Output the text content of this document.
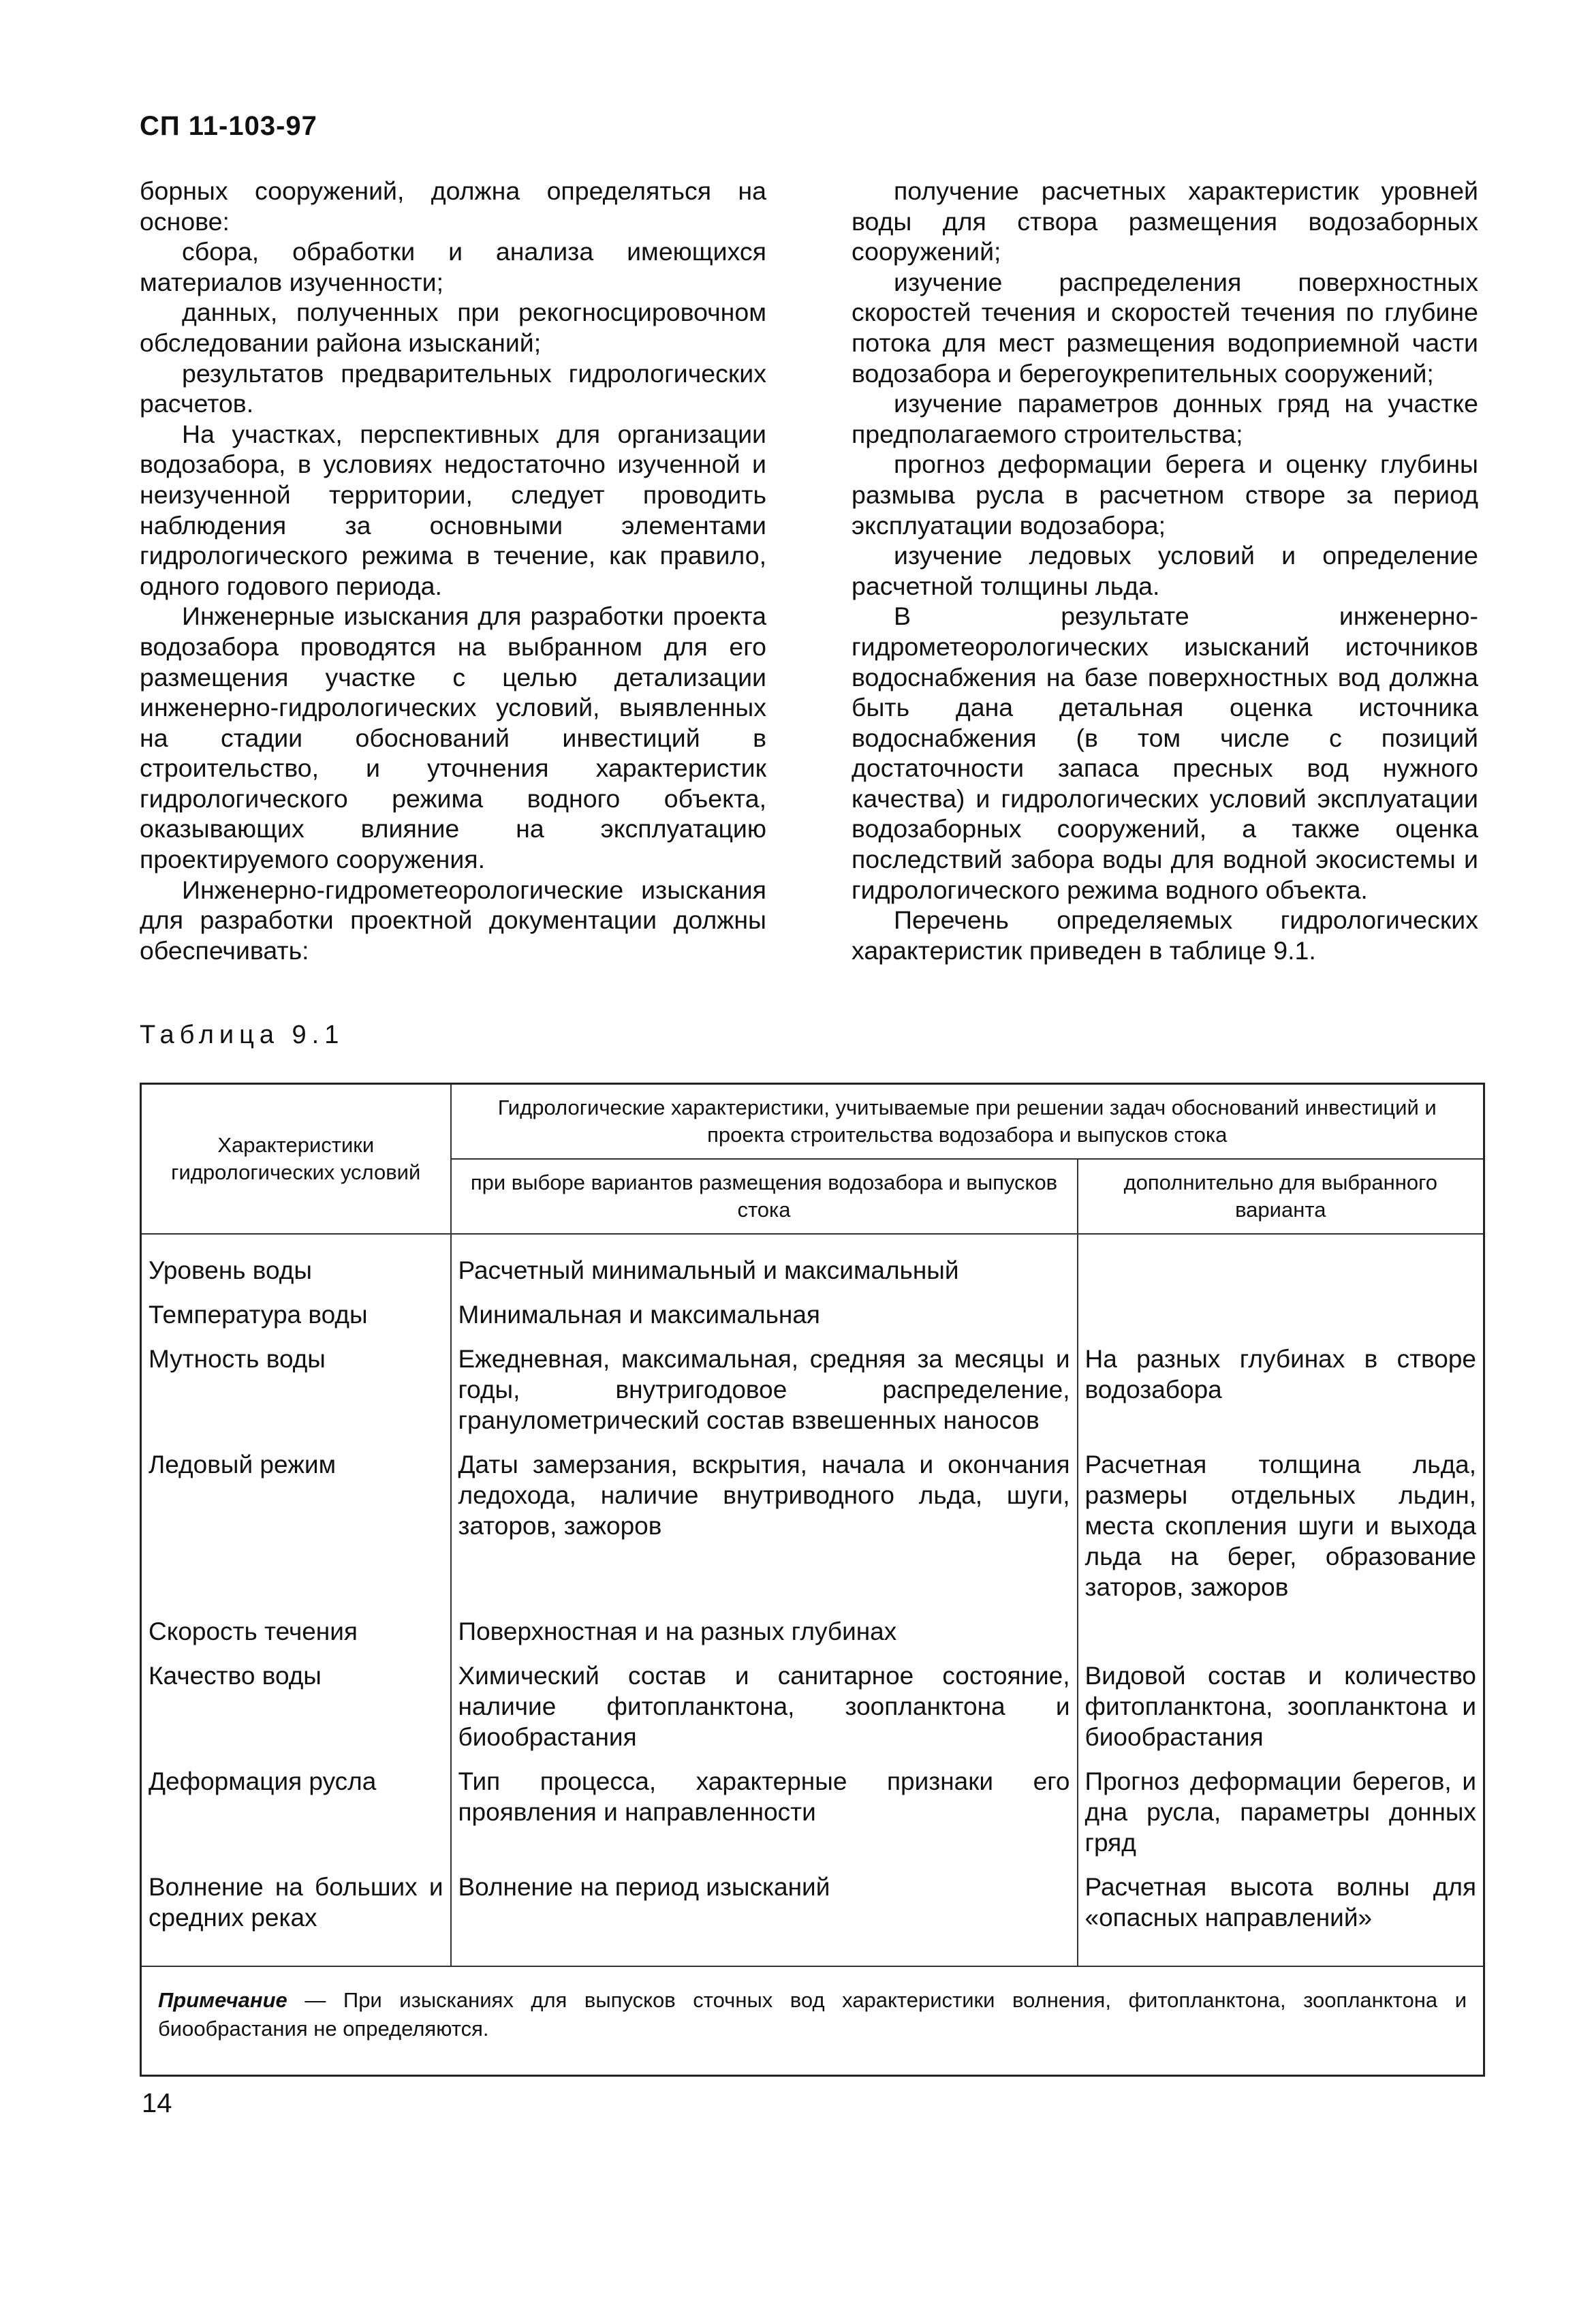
СП 11-103-97

борных сооружений, должна определяться на основе:

сбора, обработки и анализа имеющихся материалов изученности;

данных, полученных при рекогносцировочном обследовании района изысканий;

результатов предварительных гидрологических расчетов.

На участках, перспективных для организации водозабора, в условиях недостаточно изученной и неизученной территории, следует проводить наблюдения за основными элементами гидрологического режима в течение, как правило, одного годового периода.

Инженерные изыскания для разработки проекта водозабора проводятся на выбранном для его размещения участке с целью детализации инженерно-гидрологических условий, выявленных на стадии обоснований инвестиций в строительство, и уточнения характеристик гидрологического режима водного объекта, оказывающих влияние на эксплуатацию проектируемого сооружения.

Инженерно-гидрометеорологические изыскания для разработки проектной документации должны обеспечивать:

получение расчетных характеристик уровней воды для створа размещения водозаборных сооружений;

изучение распределения поверхностных скоростей течения и скоростей течения по глубине потока для мест размещения водоприемной части водозабора и берегоукрепительных сооружений;

изучение параметров донных гряд на участке предполагаемого строительства;

прогноз деформации берега и оценку глубины размыва русла в расчетном створе за период эксплуатации водозабора;

изучение ледовых условий и определение расчетной толщины льда.

В результате инженерно-гидрометеорологических изысканий источников водоснабжения на базе поверхностных вод должна быть дана детальная оценка источника водоснабжения (в том числе с позиций достаточности запаса пресных вод нужного качества) и гидрологических условий эксплуатации водозаборных сооружений, а также оценка последствий забора воды для водной экосистемы и гидрологического режима водного объекта.

Перечень определяемых гидрологических характеристик приведен в таблице 9.1.

Таблица 9.1
Характеристики гидрологических условий	Гидрологические характеристики, учитываемые при решении задач обоснований инвестиций и проекта строительства водозабора и выпусков стока	
	при выборе вариантов размещения водозабора и выпусков стока	дополнительно для выбранного варианта
Уровень воды	Расчетный минимальный и максимальный	
Температура воды	Минимальная и максимальная	
Мутность воды	Ежедневная, максимальная, средняя за месяцы и годы, внутригодовое распределение, гранулометрический состав взвешенных наносов	На разных глубинах в створе водозабора
Ледовый режим	Даты замерзания, вскрытия, начала и окончания ледохода, наличие внутриводного льда, шуги, заторов, зажоров	Расчетная толщина льда, размеры отдельных льдин, места скопления шуги и выхода льда на берег, образование заторов, зажоров
Скорость течения	Поверхностная и на разных глубинах	
Качество воды	Химический состав и санитарное состояние, наличие фитопланктона, зоопланктона и биообрастания	Видовой состав и количество фитопланктона, зоопланктона и биообрастания
Деформация русла	Тип процесса, характерные признаки его проявления и направленности	Прогноз деформации берегов, и дна русла, параметры донных гряд
Волнение на больших и средних реках	Волнение на период изысканий	Расчетная высота волны для «опасных направлений»
Примечание — При изысканиях для выпусков сточных вод характеристики волнения, фитопланктона, зоопланктона и биообрастания не определяются.		
14
